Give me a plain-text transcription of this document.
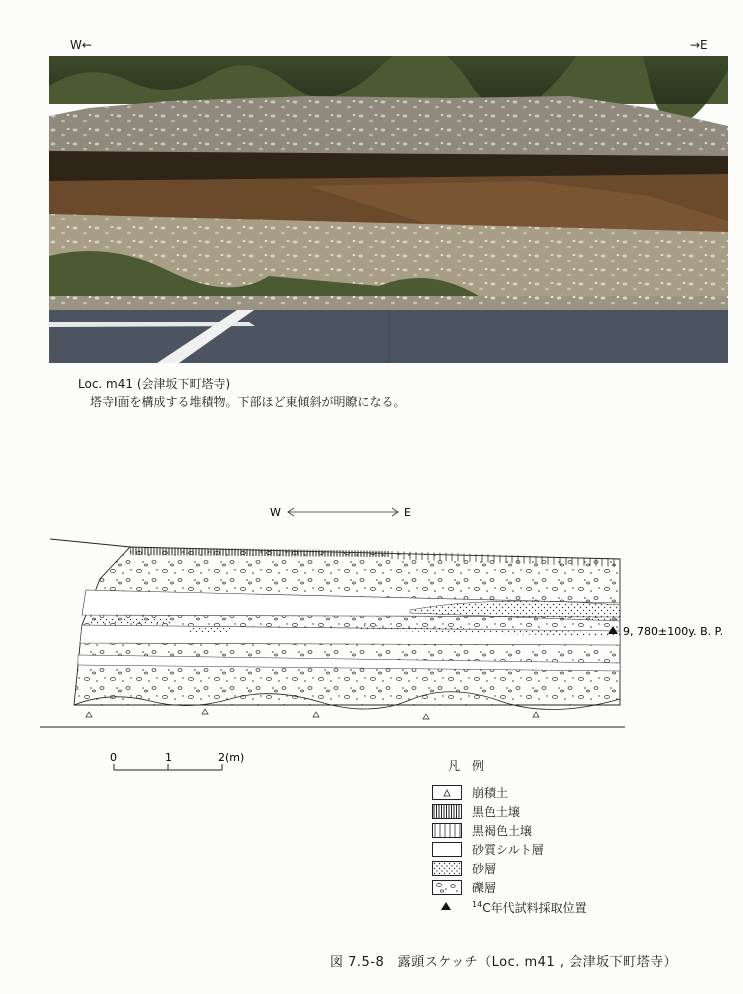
W←	→E
Loc. m41 (会津坂下町塔寺)
塔寺Ⅰ面を構成する堆積物。下部ほど東傾斜が明瞭になる。
W	E
9, 780±100y. B. P.
0	1	2(m)
凡　例
崩積土
黒色土壌
黒褐色土壌
砂質シルト層
砂層
礫層
$^{14}$C年代試料採取位置
図 7.5-8　露頭スケッチ（Loc. m41 , 会津坂下町塔寺）
